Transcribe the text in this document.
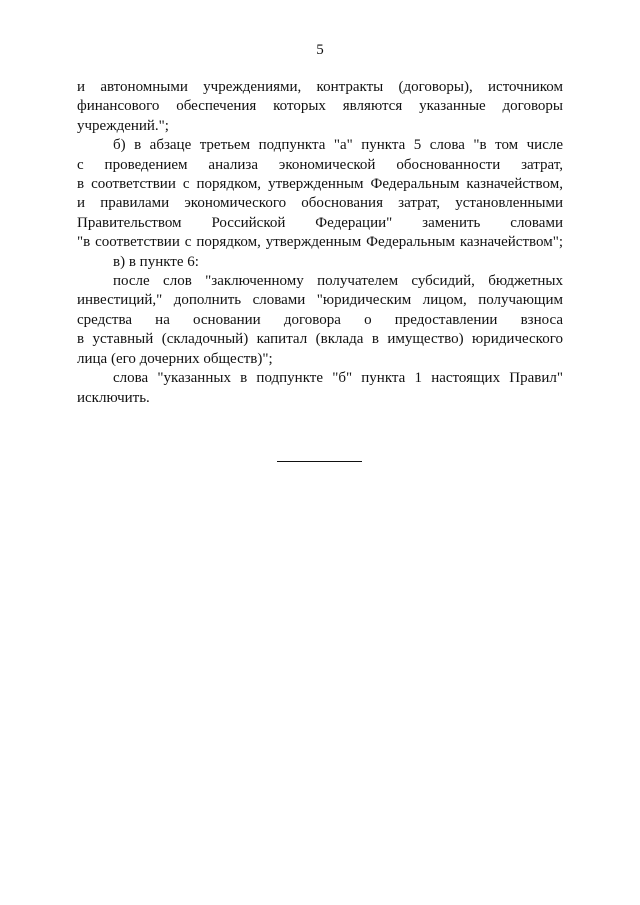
5
и автономными учреждениями, контракты (договоры), источником
финансового обеспечения которых являются указанные договоры
учреждений.";
б) в абзаце третьем подпункта "а" пункта 5 слова "в том числе
с проведением анализа экономической обоснованности затрат,
в соответствии с порядком, утвержденным Федеральным казначейством,
и правилами экономического обоснования затрат, установленными
Правительством Российской Федерации" заменить словами
"в соответствии с порядком, утвержденным Федеральным казначейством";
в) в пункте 6:
после слов "заключенному получателем субсидий, бюджетных
инвестиций," дополнить словами "юридическим лицом, получающим
средства на основании договора о предоставлении взноса
в уставный (складочный) капитал (вклада в имущество) юридического
лица (его дочерних обществ)";
слова "указанных в подпункте "б" пункта 1 настоящих Правил"
исключить.
